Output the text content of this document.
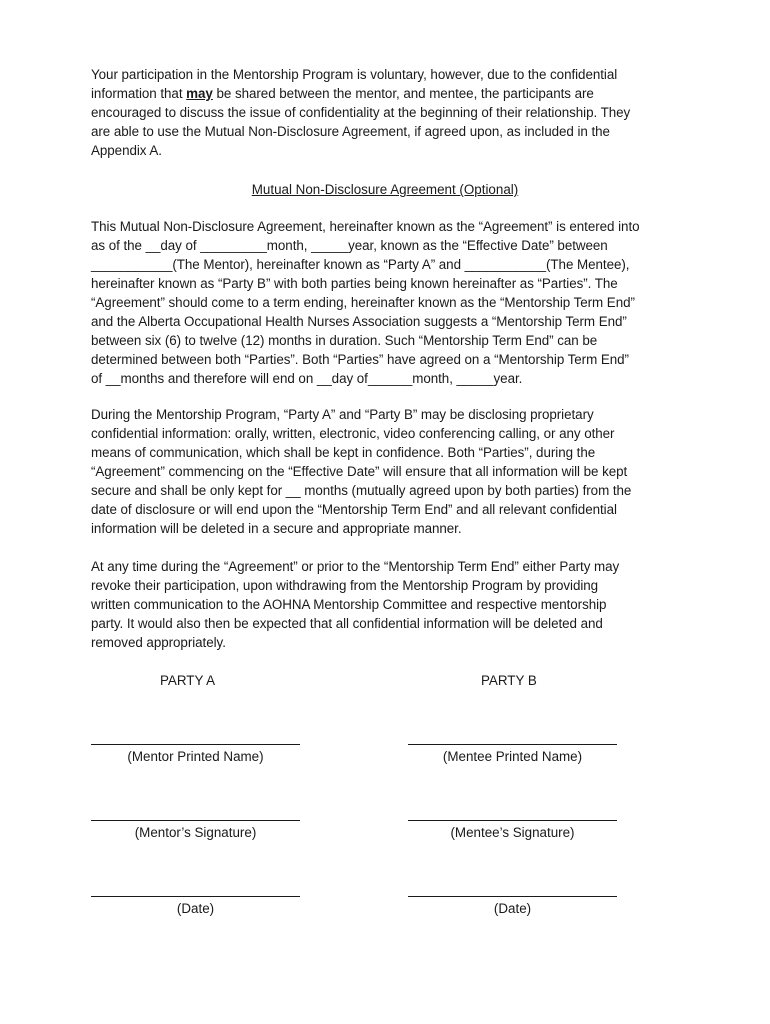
Your participation in the Mentorship Program is voluntary, however, due to the confidential
information that may be shared between the mentor, and mentee, the participants are
encouraged to discuss the issue of confidentiality at the beginning of their relationship. They
are able to use the Mutual Non-Disclosure Agreement, if agreed upon, as included in the
Appendix A.
Mutual Non-Disclosure Agreement (Optional)
This Mutual Non-Disclosure Agreement, hereinafter known as the “Agreement” is entered into
as of the __day of _________month, _____year, known as the “Effective Date” between
___________(The Mentor), hereinafter known as “Party A” and ___________(The Mentee),
hereinafter known as “Party B” with both parties being known hereinafter as “Parties”. The
“Agreement” should come to a term ending, hereinafter known as the “Mentorship Term End”
and the Alberta Occupational Health Nurses Association suggests a “Mentorship Term End”
between six (6) to twelve (12) months in duration. Such “Mentorship Term End” can be
determined between both “Parties”. Both “Parties” have agreed on a “Mentorship Term End”
of __months and therefore will end on __day of______month, _____year.
During the Mentorship Program, “Party A” and “Party B” may be disclosing proprietary
confidential information: orally, written, electronic, video conferencing calling, or any other
means of communication, which shall be kept in confidence. Both “Parties”, during the
“Agreement” commencing on the “Effective Date” will ensure that all information will be kept
secure and shall be only kept for __ months (mutually agreed upon by both parties) from the
date of disclosure or will end upon the “Mentorship Term End” and all relevant confidential
information will be deleted in a secure and appropriate manner.
At any time during the “Agreement” or prior to the “Mentorship Term End” either Party may
revoke their participation, upon withdrawing from the Mentorship Program by providing
written communication to the AOHNA Mentorship Committee and respective mentorship
party. It would also then be expected that all confidential information will be deleted and
removed appropriately.
PARTY A	PARTY B
(Mentor Printed Name)	(Mentee Printed Name)
(Mentor’s Signature)	(Mentee’s Signature)
(Date)	(Date)
